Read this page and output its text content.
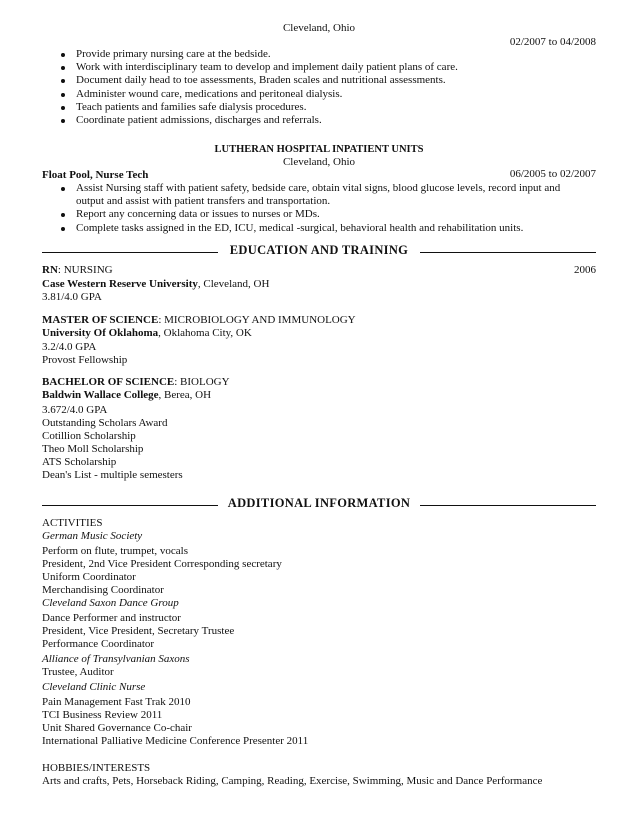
Cleveland, Ohio
02/2007 to 04/2008
Provide primary nursing care at the bedside.
Work with interdisciplinary team to develop and implement daily patient plans of care.
Document daily head to toe assessments, Braden scales and nutritional assessments.
Administer wound care, medications and peritoneal dialysis.
Teach patients and families safe dialysis procedures.
Coordinate patient admissions, discharges and referrals.
LUTHERAN HOSPITAL INPATIENT UNITS
Cleveland, Ohio
Float Pool, Nurse Tech	06/2005 to 02/2007
Assist Nursing staff with patient safety, bedside care, obtain vital signs, blood glucose levels, record input and
output and assist with patient transfers and transportation.
Report any concerning data or issues to nurses or MDs.
Complete tasks assigned in the ED, ICU, medical -surgical, behavioral health and rehabilitation units.
EDUCATION AND TRAINING
RN: NURSING	2006
Case Western Reserve University, Cleveland, OH
3.81/4.0 GPA
MASTER OF SCIENCE: MICROBIOLOGY AND IMMUNOLOGY
University Of Oklahoma, Oklahoma City, OK
3.2/4.0 GPA
Provost Fellowship
BACHELOR OF SCIENCE: BIOLOGY
Baldwin Wallace College, Berea, OH
3.672/4.0 GPA
Outstanding Scholars Award
Cotillion Scholarship
Theo Moll Scholarship
ATS Scholarship
Dean's List - multiple semesters
ADDITIONAL INFORMATION
ACTIVITIES
German Music Society
Perform on flute, trumpet, vocals
President, 2nd Vice President Corresponding secretary
Uniform Coordinator
Merchandising Coordinator
Cleveland Saxon Dance Group
Dance Performer and instructor
President, Vice President, Secretary Trustee
Performance Coordinator
Alliance of Transylvanian Saxons
Trustee, Auditor
Cleveland Clinic Nurse
Pain Management Fast Trak 2010
TCI Business Review 2011
Unit Shared Governance Co-chair
International Palliative Medicine Conference Presenter 2011
HOBBIES/INTERESTS
Arts and crafts, Pets, Horseback Riding, Camping, Reading, Exercise, Swimming, Music and Dance Performance
